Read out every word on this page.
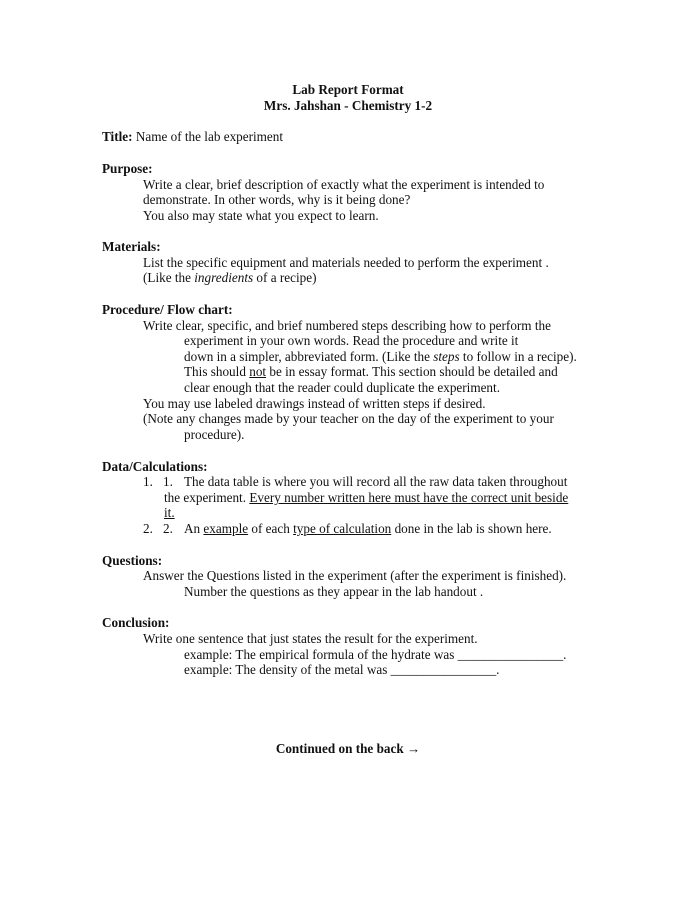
Lab Report Format
Mrs. Jahshan - Chemistry 1-2
Title: Name of the lab experiment
Purpose:
Write a clear, brief description of exactly what the experiment is intended to
demonstrate. In other words, why is it being done?
You also may state what you expect to learn.
Materials:
List the specific equipment and materials needed to perform the experiment .
(Like the ingredients of a recipe)
Procedure/ Flow chart:
Write clear, specific, and brief numbered steps describing how to perform the
experiment in your own words. Read the procedure and write it
down in a simpler, abbreviated form. (Like the steps to follow in a recipe).
This should not be in essay format. This section should be detailed and
clear enough that the reader could duplicate the experiment.
You may use labeled drawings instead of written steps if desired.
(Note any changes made by your teacher on the day of the experiment to your
procedure).
Data/Calculations:
1. 1. The data table is where you will record all the raw data taken throughout
the experiment. Every number written here must have the correct unit beside
it.
2. 2. An example of each type of calculation done in the lab is shown here.
Questions:
Answer the Questions listed in the experiment (after the experiment is finished).
Number the questions as they appear in the lab handout .
Conclusion:
Write one sentence that just states the result for the experiment.
example: The empirical formula of the hydrate was ________________.
example: The density of the metal was ________________.
Continued on the back →
